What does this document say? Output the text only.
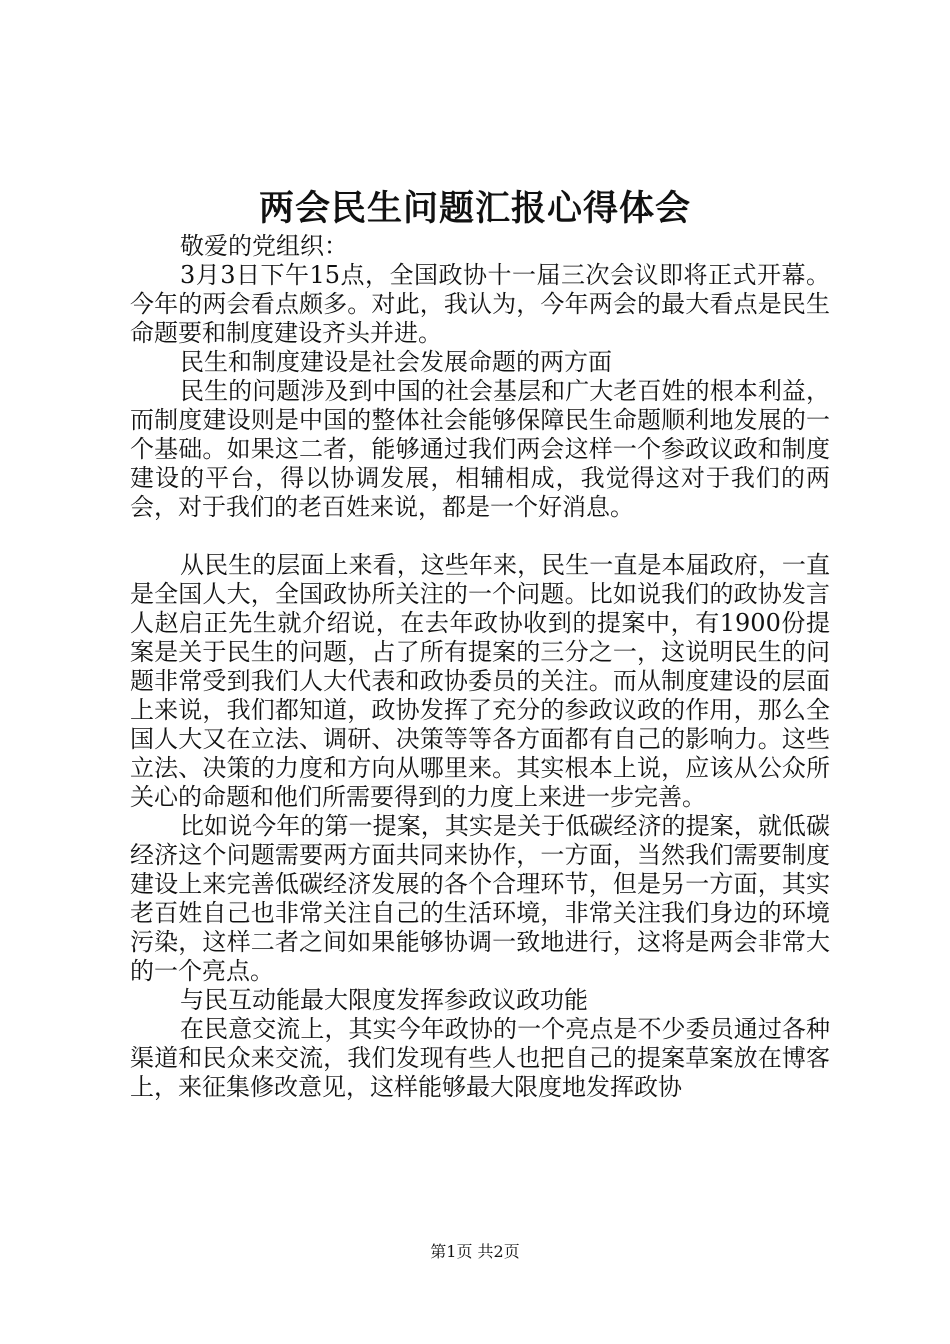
两会民生问题汇报心得体会

敬爱的党组织：

3月3日下午15点，全国政协十一届三次会议即将正式开幕。今年的两会看点颇多。对此，我认为，今年两会的最大看点是民生命题要和制度建设齐头并进。

民生和制度建设是社会发展命题的两方面

民生的问题涉及到中国的社会基层和广大老百姓的根本利益，而制度建设则是中国的整体社会能够保障民生命题顺利地发展的一个基础。如果这二者，能够通过我们两会这样一个参政议政和制度建设的平台，得以协调发展，相辅相成，我觉得这对于我们的两会，对于我们的老百姓来说，都是一个好消息。

从民生的层面上来看，这些年来，民生一直是本届政府，一直是全国人大，全国政协所关注的一个问题。比如说我们的政协发言人赵启正先生就介绍说，在去年政协收到的提案中，有1900份提案是关于民生的问题，占了所有提案的三分之一，这说明民生的问题非常受到我们人大代表和政协委员的关注。而从制度建设的层面上来说，我们都知道，政协发挥了充分的参政议政的作用，那么全国人大又在立法、调研、决策等等各方面都有自己的影响力。这些立法、决策的力度和方向从哪里来。其实根本上说，应该从公众所关心的命题和他们所需要得到的力度上来进一步完善。

比如说今年的第一提案，其实是关于低碳经济的提案，就低碳经济这个问题需要两方面共同来协作，一方面，当然我们需要制度建设上来完善低碳经济发展的各个合理环节，但是另一方面，其实老百姓自己也非常关注自己的生活环境，非常关注我们身边的环境污染，这样二者之间如果能够协调一致地进行，这将是两会非常大的一个亮点。

与民互动能最大限度发挥参政议政功能

在民意交流上，其实今年政协的一个亮点是不少委员通过各种渠道和民众来交流，我们发现有些人也把自己的提案草案放在博客上，来征集修改意见，这样能够最大限度地发挥政协

第1页 共2页
